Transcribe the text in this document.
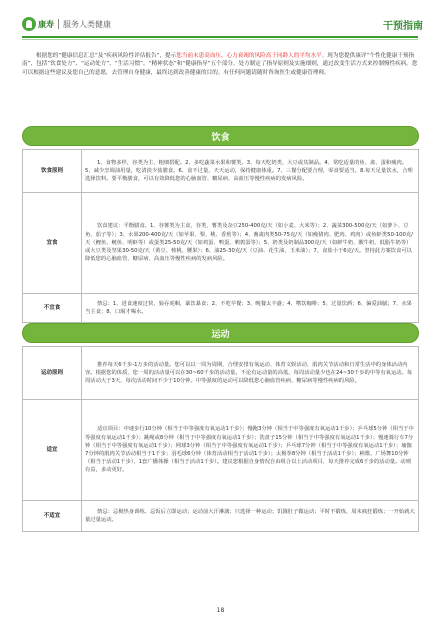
康寿 服务人类健康	干预指南
根据您的“健康信息汇总”及“疾病风险性评估报告”，提示您当前未患高血压，心力衰竭的风险高于同龄人的平均水平。现为您提供康评“个性化健康干预指南”，包括“饮食处方”、“运动处方”、“生活习惯”、“精神状态”和“健康指导”五个部分。处方制定了指导原则及实施细则，通过改变生活方式来控制慢性疾病。您可以根据这些建议及您自己的意愿，去管理自身健康，最终达到改善健康的目的。有任何问题请随时咨询医生或健康管理师。
饮食
饮食原则	1、食物多样，谷类为主，粗细搭配。2、多吃蔬菜水果和薯类。3、每天吃奶类、大豆或其制品。4、常吃适量的鱼、禽、蛋和瘦肉。5、减少烹调油用量，吃清淡少盐膳食。6、食不过量，天天运动，保持健康体重。7、三餐分配要合理，零食要适当。8.每天足量饮水，合理选择饮料。要平衡膳食，可以有效降低您的心脑血管、糖尿病、高血压等慢性疾病的发病风险。
宜食	饮食建议：平衡膳食。1、谷薯类为主食，谷类、薯类及杂豆250-400克/天（如小麦、大米等）；2、蔬菜300-500克/天（如萝卜、豆角、茄子等）；3、水果200-400克/天（如苹果、梨、桃、香蕉等）；4、畜禽肉类50-75克/天（如瘦猪肉、肥肉、鸡肉）或鱼虾类50-100克/天（鲤鱼、鲢鱼、明虾等）或蛋类25-50克/天（如鸡蛋、鸭蛋、鹌鹑蛋等）；5、奶类及奶制品300克/天（如鲜牛奶、酸牛奶、低脂牛奶等）或大豆类及坚果30-50克/天（黄豆、核桃、腰果）；6、油25-30克/天（豆油、花生油、玉米油）；7、食盐小于6克/天。坚持此方案饮食可以降低您的心脑血管、糖尿病、高血压等慢性疾病的发病风险。
不宜食	禁忌：1、进食速度过快，狼吞虎咽，暴饮暴食；2、不吃早餐；3、晚餐太丰盛；4、嗜饮咖啡；5、过量饮酒；6、偏爱油腻；7、水果当主食；8、口渴才喝水。
运动
运动原则	推荐每天6千步-1万步的活动量。您可以以一周为周期，合理安排有氧运动、体育文娱活动、肌肉关节活动和日常生活中的身体活动内容。根据您的体质，您一周的活动量可以在30~60千步的活动量。不论有运动量的高低，每周活动量少也在24~30千步的中等有氧运动。每周活动大于3天，每次活动时间不少于10分钟。中等强度的运动可以降低您心脑血管疾病、糖尿病等慢性疾病的风险。
适宜	适宜项目：中速步行10分钟（相当于中等强度有氧运动1千步）；慢跑3分钟（相当于中等强度有氧运动1千步）；乒乓球5分钟（相当于中等强度有氧运动1千步）；跳绳或8分钟（相当于中等强度有氧运动1千步）；洗盘子15分钟（相当于中等强度有氧运动1千步）；慢速骑行车7分钟（相当于中等强度有氧运动1千步）；网球3分钟（相当于中等强度有氧运动1千步）；乒乓球7分钟（相当于中等强度有氧运动1千步）；瑜伽7分钟的肌肉关节活动相当于1千步；羽毛球6分钟（体育活动相当于活动1千步）；太极拳8分钟（相当于活动1千步）；秧歌、广场舞10分钟（相当于活动1千步），1套广播体操（相当于活动1千步）。建议您根据自身情况自由组合以上活动项目，每天推荐完成6千步的活动量。动则有益，多动更好。
不适宜	禁忌：忌极热身训练、忌饭后立即运动；运动前大汗淋漓；只选择一种运动；饥饿肚子做运动；平时不锻炼，周末疯狂锻炼；一开始就大量过量运动。
18
